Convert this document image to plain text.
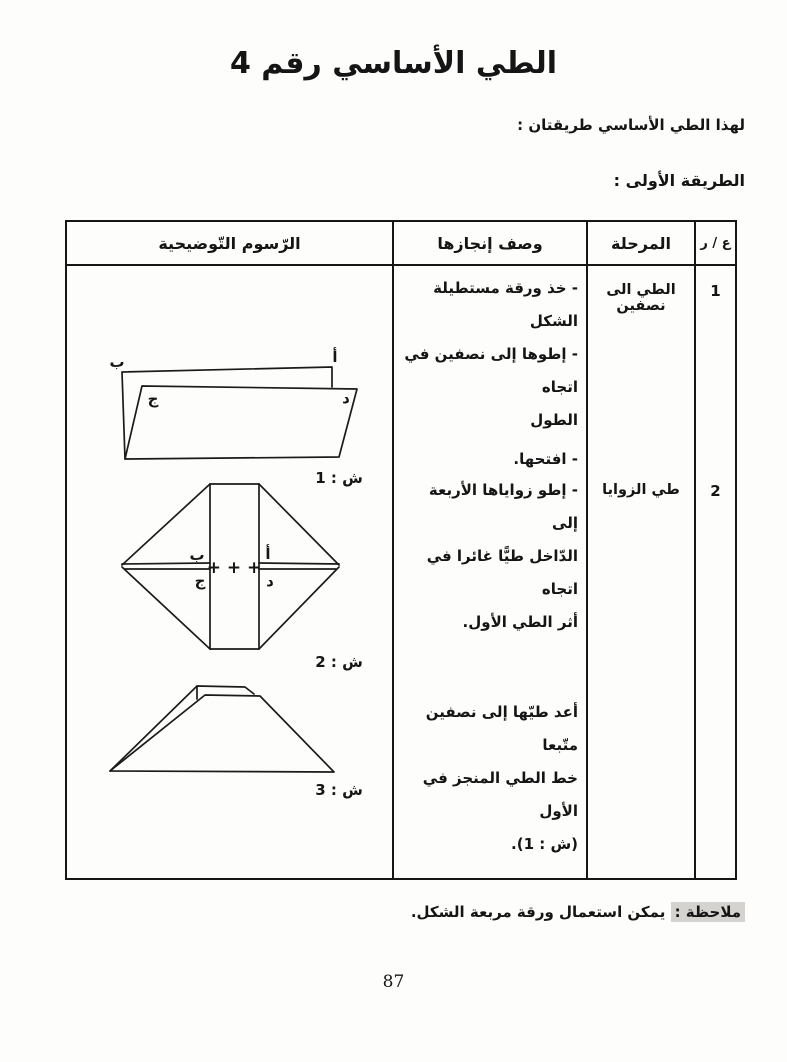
الطي الأساسي رقم 4

لهذا الطي الأساسي طريقتان :

الطريقة الأولى :

ع / ر
المرحلة
وصف إنجازها
الرّسوم التّوضيحية
1
2
الطي الى نصفين
طي الزوايا
- خذ ورقة مستطيلة الشكل
- إطوها إلى نصفين في اتجاه
الطول
- افتحها.
- إطو زواياها الأربعة إلى
الدّاخل طيًّا غائرا في اتجاه
أثر الطي الأول.
أعد طيّها إلى نصفين متّبعا
خط الطي المنجز في الأول
(ش : 1).
ب	أ
ج	د
ش : 1
ب
ج
أ
د
+ + +
ش : 2
ش : 3

ملاحظة : يمكن استعمال ورقة مربعة الشكل.

87
